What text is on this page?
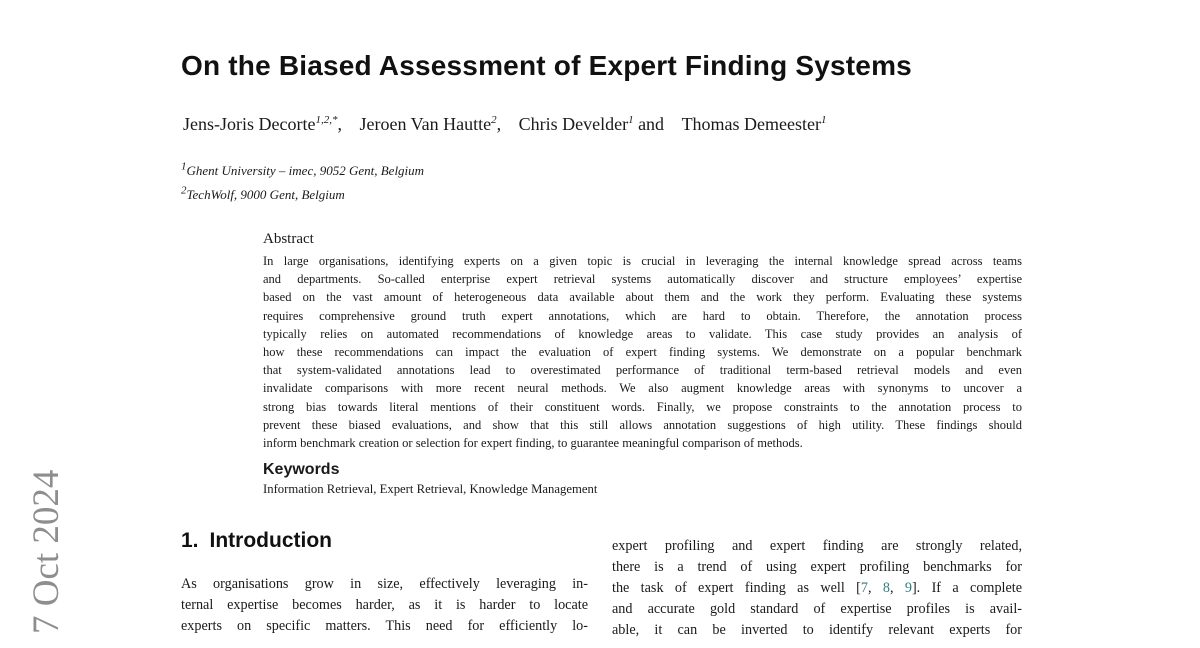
7 Oct 2024
On the Biased Assessment of Expert Finding Systems
Jens-Joris Decorte$^{1,2,*}$, Jeroen Van Hautte$^2$, Chris Develder$^1$ and Thomas Demeester$^1$
$^1$Ghent University – imec, 9052 Gent, Belgium
$^2$TechWolf, 9000 Gent, Belgium
Abstract
In large organisations, identifying experts on a given topic is crucial in leveraging the internal knowledge spread across teams
and departments. So-called enterprise expert retrieval systems automatically discover and structure employees’ expertise
based on the vast amount of heterogeneous data available about them and the work they perform. Evaluating these systems
requires comprehensive ground truth expert annotations, which are hard to obtain. Therefore, the annotation process
typically relies on automated recommendations of knowledge areas to validate. This case study provides an analysis of
how these recommendations can impact the evaluation of expert finding systems. We demonstrate on a popular benchmark
that system-validated annotations lead to overestimated performance of traditional term-based retrieval models and even
invalidate comparisons with more recent neural methods. We also augment knowledge areas with synonyms to uncover a
strong bias towards literal mentions of their constituent words. Finally, we propose constraints to the annotation process to
prevent these biased evaluations, and show that this still allows annotation suggestions of high utility. These findings should
inform benchmark creation or selection for expert finding, to guarantee meaningful comparison of methods.
Keywords
Information Retrieval, Expert Retrieval, Knowledge Management
1. Introduction
As organisations grow in size, effectively leveraging in-
ternal expertise becomes harder, as it is harder to locate
experts on specific matters. This need for efficiently lo-
expert profiling and expert finding are strongly related,
there is a trend of using expert profiling benchmarks for
the task of expert finding as well [7, 8, 9]. If a complete
and accurate gold standard of expertise profiles is avail-
able, it can be inverted to identify relevant experts for
